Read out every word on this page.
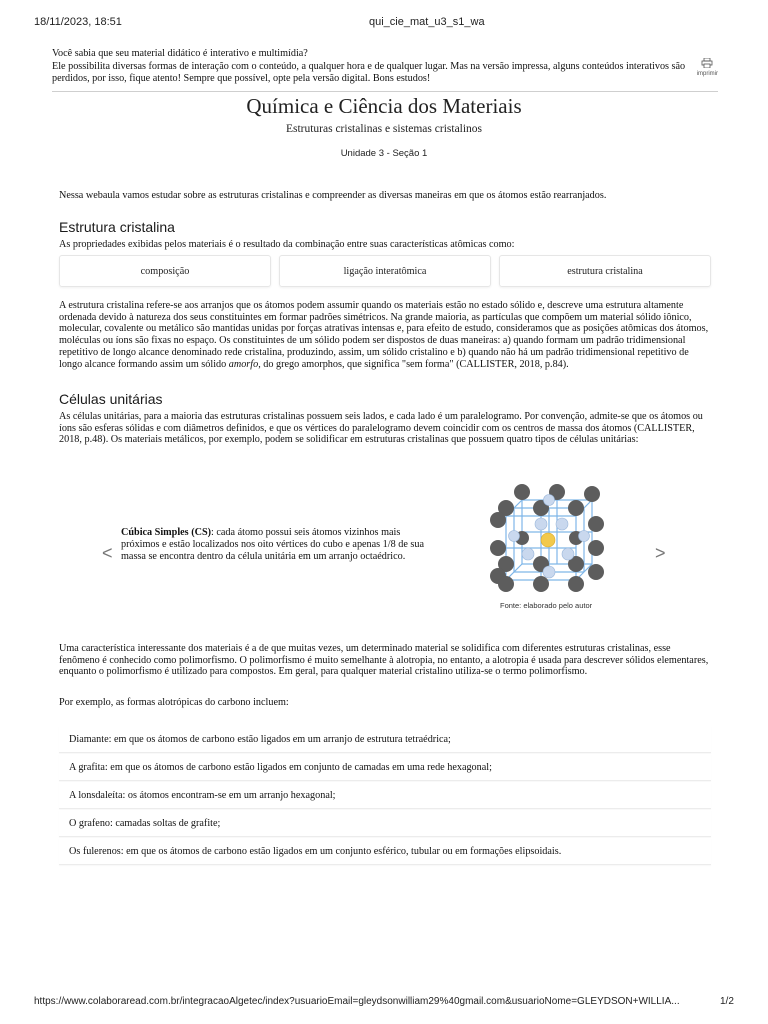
18/11/2023, 18:51	qui_cie_mat_u3_s1_wa

Você sabia que seu material didático é interativo e multimídia?

Ele possibilita diversas formas de interação com o conteúdo, a qualquer hora e de qualquer lugar. Mas na versão impressa, alguns conteúdos interativos são perdidos, por isso, fique atento! Sempre que possível, opte pela versão digital. Bons estudos!	imprimir
Química e Ciência dos Materiais
Estruturas cristalinas e sistemas cristalinos
Unidade 3 - Seção 1
Nessa webaula vamos estudar sobre as estruturas cristalinas e compreender as diversas maneiras em que os átomos estão rearranjados.
Estrutura cristalina
As propriedades exibidas pelos materiais é o resultado da combinação entre suas características atômicas como:
composição	ligação interatômica	estrutura cristalina

A estrutura cristalina refere-se aos arranjos que os átomos podem assumir quando os materiais estão no estado sólido e, descreve uma estrutura altamente ordenada devido à natureza dos seus constituintes em formar padrões simétricos. Na grande maioria, as partículas que compõem um material sólido iônico, molecular, covalente ou metálico são mantidas unidas por forças atrativas intensas e, para efeito de estudo, consideramos que as posições atômicas dos átomos, moléculas ou íons são fixas no espaço. Os constituintes de um sólido podem ser dispostos de duas maneiras: a) quando formam um padrão tridimensional repetitivo de longo alcance denominado rede cristalina, produzindo, assim, um sólido cristalino e b) quando não há um padrão tridimensional repetitivo de longo alcance formando assim um sólido amorfo, do grego amorphos, que significa "sem forma" (CALLISTER, 2018, p.84).

Células unitárias
As células unitárias, para a maioria das estruturas cristalinas possuem seis lados, e cada lado é um paralelogramo. Por convenção, admite-se que os átomos ou íons são esferas sólidas e com diâmetros definidos, e que os vértices do paralelogramo devem coincidir com os centros de massa dos átomos (CALLISTER, 2018, p.48). Os materiais metálicos, por exemplo, podem se solidificar em estruturas cristalinas que possuem quatro tipos de células unitárias:
<	>
Cúbica Simples (CS): cada átomo possui seis átomos vizinhos mais próximos e estão localizados nos oito vértices do cubo e apenas 1/8 de sua massa se encontra dentro da célula unitária em um arranjo octaédrico.
Fonte: elaborado pelo autor
Uma característica interessante dos materiais é a de que muitas vezes, um determinado material se solidifica com diferentes estruturas cristalinas, esse fenômeno é conhecido como polimorfismo. O polimorfismo é muito semelhante à alotropia, no entanto, a alotropia é usada para descrever sólidos elementares, enquanto o polimorfismo é utilizado para compostos. Em geral, para qualquer material cristalino utiliza-se o termo polimorfismo.
Por exemplo, as formas alotrópicas do carbono incluem:
Diamante: em que os átomos de carbono estão ligados em um arranjo de estrutura tetraédrica;
A grafita: em que os átomos de carbono estão ligados em conjunto de camadas em uma rede hexagonal;
A lonsdaleíta: os átomos encontram-se em um arranjo hexagonal;
O grafeno: camadas soltas de grafite;
Os fulerenos: em que os átomos de carbono estão ligados em um conjunto esférico, tubular ou em formações elipsoidais.
https://www.colaboraread.com.br/integracaoAlgetec/index?usuarioEmail=gleydsonwilliam29%40gmail.com&usuarioNome=GLEYDSON+WILLIA...	1/2
